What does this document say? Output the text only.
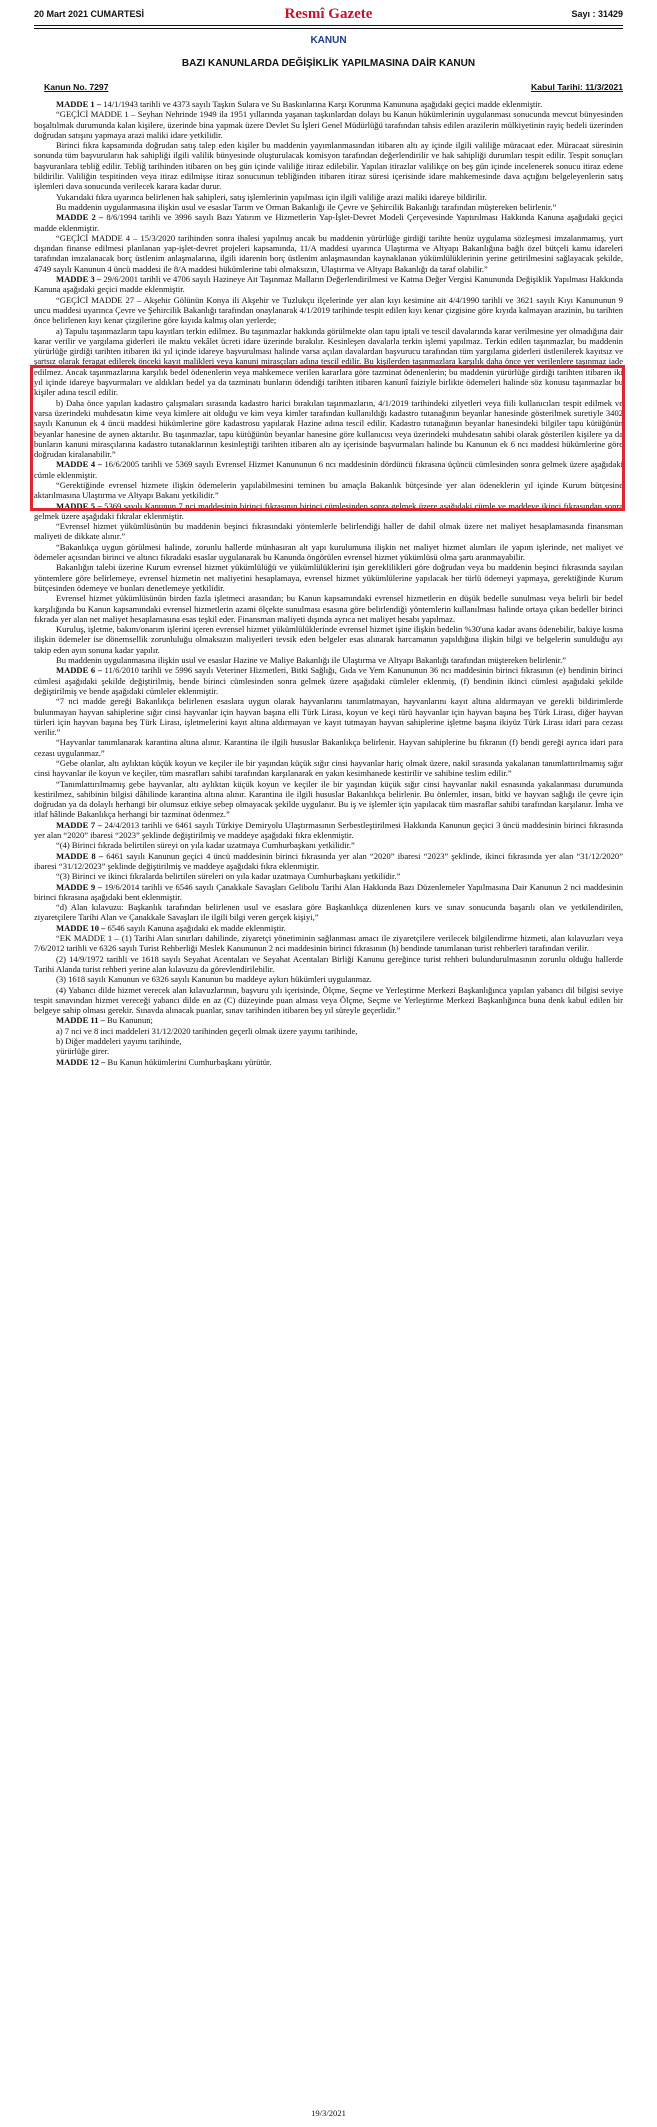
20 Mart 2021 CUMARTESİ	Resmî Gazete	Sayı : 31429
KANUN
BAZI KANUNLARDA DEĞİŞİKLİK YAPILMASINA DAİR KANUN
Kanun No. 7297	Kabul Tarihi: 11/3/2021

MADDE 1 – 14/1/1943 tarihli ve 4373 sayılı Taşkın Sulara ve Su Baskınlarına Karşı Korunma Kanununa aşağıdaki geçici madde eklenmiştir.

“GEÇİCİ MADDE 1 – Seyhan Nehrinde 1949 ila 1951 yıllarında yaşanan taşkınlardan dolayı bu Kanun hükümlerinin uygulanması sonucunda mevcut bünyesinden boşaltılmak durumunda kalan kişilere, üzerinde bina yapmak üzere Devlet Su İşleri Genel Müdürlüğü tarafından tahsis edilen arazilerin mülkiyetinin rayiç bedeli üzerinden doğrudan satışını yapmaya arazi maliki idare yetkilidir.

Birinci fıkra kapsamında doğrudan satış talep eden kişiler bu maddenin yayımlanmasından itibaren altı ay içinde ilgili valiliğe müracaat eder. Müracaat süresinin sonunda tüm başvuruların hak sahipliği ilgili valilik bünyesinde oluşturulacak komisyon tarafından değerlendirilir ve hak sahipliği durumları tespit edilir. Tespit sonuçları başvuranlara tebliğ edilir. Tebliğ tarihinden itibaren on beş gün içinde valiliğe itiraz edilebilir. Yapılan itirazlar valilikçe on beş gün içinde incelenerek sonucu itiraz edene bildirilir. Valiliğin tespitinden veya itiraz edilmişse itiraz sonucunun tebliğinden itibaren itiraz süresi içerisinde idare mahkemesinde dava açtığını belgeleyenlerin satış işlemleri dava sonucunda verilecek karara kadar durur.

Yukarıdaki fıkra uyarınca belirlenen hak sahipleri, satış işlemlerinin yapılması için ilgili valiliğe arazi maliki idareye bildirilir.

Bu maddenin uygulanmasına ilişkin usul ve esaslar Tarım ve Orman Bakanlığı ile Çevre ve Şehircilik Bakanlığı tarafından müştereken belirlenir.”

MADDE 2 – 8/6/1994 tarihli ve 3996 sayılı Bazı Yatırım ve Hizmetlerin Yap-İşlet-Devret Modeli Çerçevesinde Yaptırılması Hakkında Kanuna aşağıdaki geçici madde eklenmiştir.

“GEÇİCİ MADDE 4 – 15/3/2020 tarihinden sonra ihalesi yapılmış ancak bu maddenin yürürlüğe girdiği tarihte henüz uygulama sözleşmesi imzalanmamış, yurt dışından finanse edilmesi planlanan yap-işlet-devret projeleri kapsamında, 11/A maddesi uyarınca Ulaştırma ve Altyapı Bakanlığına bağlı özel bütçeli kamu idareleri tarafından imzalanacak borç üstlenim anlaşmalarına, ilgili idarenin borç üstlenim anlaşmasından kaynaklanan yükümlülüklerinin yerine getirilmesini sağlayacak şekilde, 4749 sayılı Kanunun 4 üncü maddesi ile 8/A maddesi hükümlerine tabi olmaksızın, Ulaştırma ve Altyapı Bakanlığı da taraf olabilir.”

MADDE 3 – 29/6/2001 tarihli ve 4706 sayılı Hazineye Ait Taşınmaz Malların Değerlendirilmesi ve Katma Değer Vergisi Kanununda Değişiklik Yapılması Hakkında Kanuna aşağıdaki geçici madde eklenmiştir.

“GEÇİCİ MADDE 27 – Akşehir Gölünün Konya ili Akşehir ve Tuzlukçu ilçelerinde yer alan kıyı kesimine ait 4/4/1990 tarihli ve 3621 sayılı Kıyı Kanununun 9 uncu maddesi uyarınca Çevre ve Şehircilik Bakanlığı tarafından onaylanarak 4/1/2019 tarihinde tespit edilen kıyı kenar çizgisine göre kıyıda kalmayan arazinin, bu tarihten önce belirlenen kıyı kenar çizgilerine göre kıyıda kalmış olan yerlerde;

a) Tapulu taşınmazların tapu kayıtları terkin edilmez. Bu taşınmazlar hakkında görülmekte olan tapu iptali ve tescil davalarında karar verilmesine yer olmadığına dair karar verilir ve yargılama giderleri ile maktu vekâlet ücreti idare üzerinde bırakılır. Kesinleşen davalarla terkin işlemi yapılmaz. Terkin edilen taşınmazlar, bu maddenin yürürlüğe girdiği tarihten itibaren iki yıl içinde idareye başvurulması halinde varsa açılan davalardan başvurucu tarafından tüm yargılama giderleri üstlenilerek kayıtsız ve şartsız olarak feragat edilerek önceki kayıt malikleri veya kanuni mirasçıları adına tescil edilir. Bu kişilerden taşınmazlara karşılık daha önce yer verilenlere taşınmaz iade edilmez. Ancak taşınmazlarına karşılık bedel ödenenlerin veya mahkemece verilen kararlara göre tazminat ödenenlerin; bu maddenin yürürlüğe girdiği tarihten itibaren iki yıl içinde idareye başvurmaları ve aldıkları bedel ya da tazminatı bunların ödendiği tarihten itibaren kanunî faiziyle birlikte ödemeleri halinde söz konusu taşınmazlar bu kişiler adına tescil edilir.

b) Daha önce yapılan kadastro çalışmaları sırasında kadastro harici bırakılan taşınmazların, 4/1/2019 tarihindeki zilyetleri veya fiili kullanıcıları tespit edilmek ve varsa üzerindeki muhdesatın kime veya kimlere ait olduğu ve kim veya kimler tarafından kullanıldığı kadastro tutanağının beyanlar hanesinde gösterilmek suretiyle 3402 sayılı Kanunun ek 4 üncü maddesi hükümlerine göre kadastrosu yapılarak Hazine adına tescil edilir. Kadastro tutanağının beyanlar hanesindeki bilgiler tapu kütüğünün beyanlar hanesine de aynen aktarılır. Bu taşınmazlar, tapu kütüğünün beyanlar hanesine göre kullanıcısı veya üzerindeki muhdesatın sahibi olarak gösterilen kişilere ya da bunların kanuni mirasçılarına kadastro tutanaklarının kesinleştiği tarihten itibaren altı ay içerisinde başvurmaları halinde bu Kanunun ek 6 ncı maddesi hükümlerine göre doğrudan kiralanabilir.”

MADDE 4 – 16/6/2005 tarihli ve 5369 sayılı Evrensel Hizmet Kanununun 6 ncı maddesinin dördüncü fıkrasına üçüncü cümlesinden sonra gelmek üzere aşağıdaki cümle eklenmiştir.

“Gerektiğinde evrensel hizmete ilişkin ödemelerin yapılabilmesini teminen bu amaçla Bakanlık bütçesinde yer alan ödeneklerin yıl içinde Kurum bütçesine aktarılmasına Ulaştırma ve Altyapı Bakanı yetkilidir.”

MADDE 5 – 5369 sayılı Kanunun 7 nci maddesinin birinci fıkrasının birinci cümlesinden sonra gelmek üzere aşağıdaki cümle ve maddeye ikinci fıkrasından sonra gelmek üzere aşağıdaki fıkralar eklenmiştir.

“Evrensel hizmet yükümlüsünün bu maddenin beşinci fıkrasındaki yöntemlerle belirlendiği haller de dahil olmak üzere net maliyet hesaplamasında finansman maliyeti de dikkate alınır.”

“Bakanlıkça uygun görülmesi halinde, zorunlu hallerde münhasıran alt yapı kurulumuna ilişkin net maliyet hizmet alımları ile yapım işlerinde, net maliyet ve ödemeler açısından birinci ve altıncı fıkradaki esaslar uygulanarak bu Kanunda öngörülen evrensel hizmet yükümlüsü olma şartı aranmayabilir.

Bakanlığın talebi üzerine Kurum evrensel hizmet yükümlülüğü ve yükümlülüklerini işin gereklilikleri göre doğrudan veya bu maddenin beşinci fıkrasında sayılan yöntemlere göre belirlemeye, evrensel hizmetin net maliyetini hesaplamaya, evrensel hizmet yükümlülerine yapılacak her türlü ödemeyi yapmaya, gerektiğinde Kurum bütçesinden ödemeye ve bunları denetlemeye yetkilidir.

Evrensel hizmet yükümlüsünün birden fazla işletmeci arasından; bu Kanun kapsamındaki evrensel hizmetlerin en düşük bedelle sunulması veya belirli bir bedel karşılığında bu Kanun kapsamındaki evrensel hizmetlerin azami ölçekte sunulması esasına göre belirlendiği yöntemlerin kullanılması halinde ortaya çıkan bedeller birinci fıkrada yer alan net maliyet hesaplamasına esas teşkil eder. Finansman maliyeti dışında ayrıca net maliyet hesabı yapılmaz.

Kuruluş, işletme, bakım/onarım işlerini içeren evrensel hizmet yükümlülüklerinde evrensel hizmet işine ilişkin bedelin %30'una kadar avans ödenebilir, bakiye kısma ilişkin ödemeler ise dönemsellik zorunluluğu olmaksızın maliyetleri tevsik eden belgeler esas alınarak harcamanın yapıldığına ilişkin bilgi ve belgelerin sunulduğu ayı takip eden ayın sonuna kadar yapılır.

Bu maddenin uygulanmasına ilişkin usul ve esaslar Hazine ve Maliye Bakanlığı ile Ulaştırma ve Altyapı Bakanlığı tarafından müştereken belirlenir.”

MADDE 6 – 11/6/2010 tarihli ve 5996 sayılı Veteriner Hizmetleri, Bitki Sağlığı, Gıda ve Yem Kanununun 36 ncı maddesinin birinci fıkrasının (e) bendinin birinci cümlesi aşağıdaki şekilde değiştirilmiş, bende birinci cümlesinden sonra gelmek üzere aşağıdaki cümleler eklenmiş, (f) bendinin ikinci cümlesi aşağıdaki şekilde değiştirilmiş ve bende aşağıdaki cümleler eklenmiştir.

“7 nci madde gereği Bakanlıkça belirlenen esaslara uygun olarak hayvanlarını tanımlatmayan, hayvanlarını kayıt altına aldırmayan ve gerekli bildirimlerde bulunmayan hayvan sahiplerine sığır cinsi hayvanlar için hayvan başına elli Türk Lirası, koyun ve keçi türü hayvanlar için hayvan başına beş Türk Lirası, diğer hayvan türleri için hayvan başına beş Türk Lirası, işletmelerini kayıt altına aldırmayan ve kayıt tutmayan hayvan sahiplerine işletme başına ikiyüz Türk Lirası idari para cezası verilir.”

“Hayvanlar tanımlanarak karantina altına alınır. Karantina ile ilgili hususlar Bakanlıkça belirlenir. Hayvan sahiplerine bu fıkranın (f) bendi gereği ayrıca idari para cezası uygulanmaz.”

“Gebe olanlar, altı aylıktan küçük koyun ve keçiler ile bir yaşından küçük sığır cinsi hayvanlar hariç olmak üzere, nakil sırasında yakalanan tanımlattırılmamış sığır cinsi hayvanlar ile koyun ve keçiler, tüm masrafları sahibi tarafından karşılanarak en yakın kesimhanede kestirilir ve sahibine teslim edilir.”

“Tanımlattırılmamış gebe hayvanlar, altı aylıktan küçük koyun ve keçiler ile bir yaşından küçük sığır cinsi hayvanlar nakil esnasında yakalanması durumunda kestirilmez, sahibinin bilgisi dâhilinde karantina altına alınır. Karantina ile ilgili hususlar Bakanlıkça belirlenir. Bu önlemler, insan, bitki ve hayvan sağlığı ile çevre için doğrudan ya da dolaylı herhangi bir olumsuz etkiye sebep olmayacak şekilde uygulanır. Bu iş ve işlemler için yapılacak tüm masraflar sahibi tarafından karşılanır. İmha ve itlaf hâlinde Bakanlıkça herhangi bir tazminat ödenmez.”

MADDE 7 – 24/4/2013 tarihli ve 6461 sayılı Türkiye Demiryolu Ulaştırmasının Serbestleştirilmesi Hakkında Kanunun geçici 3 üncü maddesinin birinci fıkrasında yer alan “2020” ibaresi “2023” şeklinde değiştirilmiş ve maddeye aşağıdaki fıkra eklenmiştir.

“(4) Birinci fıkrada belirtilen süreyi on yıla kadar uzatmaya Cumhurbaşkanı yetkilidir.”

MADDE 8 – 6461 sayılı Kanunun geçici 4 üncü maddesinin birinci fıkrasında yer alan “2020” ibaresi “2023” şeklinde, ikinci fıkrasında yer alan “31/12/2020” ibaresi “31/12/2023” şeklinde değiştirilmiş ve maddeye aşağıdaki fıkra eklenmiştir.

“(3) Birinci ve ikinci fıkralarda belirtilen süreleri on yıla kadar uzatmaya Cumhurbaşkanı yetkilidir.”

MADDE 9 – 19/6/2014 tarihli ve 6546 sayılı Çanakkale Savaşları Gelibolu Tarihi Alan Hakkında Bazı Düzenlemeler Yapılmasına Dair Kanunun 2 nci maddesinin birinci fıkrasına aşağıdaki bent eklenmiştir.

“d) Alan kılavuzu: Başkanlık tarafından belirlenen usul ve esaslara göre Başkanlıkça düzenlenen kurs ve sınav sonucunda başarılı olan ve yetkilendirilen, ziyaretçilere Tarihi Alan ve Çanakkale Savaşları ile ilgili bilgi veren gerçek kişiyi,”

MADDE 10 – 6546 sayılı Kanuna aşağıdaki ek madde eklenmiştir.

“EK MADDE 1 – (1) Tarihi Alan sınırları dahilinde, ziyaretçi yönetiminin sağlanması amacı ile ziyaretçilere verilecek bilgilendirme hizmeti, alan kılavuzları veya 7/6/2012 tarihli ve 6326 sayılı Turist Rehberliği Meslek Kanununun 2 nci maddesinin birinci fıkrasının (h) bendinde tanımlanan turist rehberleri tarafından verilir.

(2) 14/9/1972 tarihli ve 1618 sayılı Seyahat Acentaları ve Seyahat Acentaları Birliği Kanunu gereğince turist rehberi bulundurulmasının zorunlu olduğu hallerde Tarihi Alanda turist rehberi yerine alan kılavuzu da görevlendirilebilir.

(3) 1618 sayılı Kanunun ve 6326 sayılı Kanunun bu maddeye aykırı hükümleri uygulanmaz.

(4) Yabancı dilde hizmet verecek alan kılavuzlarının, başvuru yılı içerisinde, Ölçme, Seçme ve Yerleştirme Merkezi Başkanlığınca yapılan yabancı dil bilgisi seviye tespit sınavından hizmet vereceği yabancı dilde en az (C) düzeyinde puan alması veya Ölçme, Seçme ve Yerleştirme Merkezi Başkanlığınca buna denk kabul edilen bir belgeye sahip olması gerekir. Sınavda alınacak puanlar, sınav tarihinden itibaren beş yıl süreyle geçerlidir.”

MADDE 11 – Bu Kanunun;

a) 7 nci ve 8 inci maddeleri 31/12/2020 tarihinden geçerli olmak üzere yayımı tarihinde,

b) Diğer maddeleri yayımı tarihinde,

yürürlüğe girer.

MADDE 12 – Bu Kanun hükümlerini Cumhurbaşkanı yürütür.

19/3/2021
